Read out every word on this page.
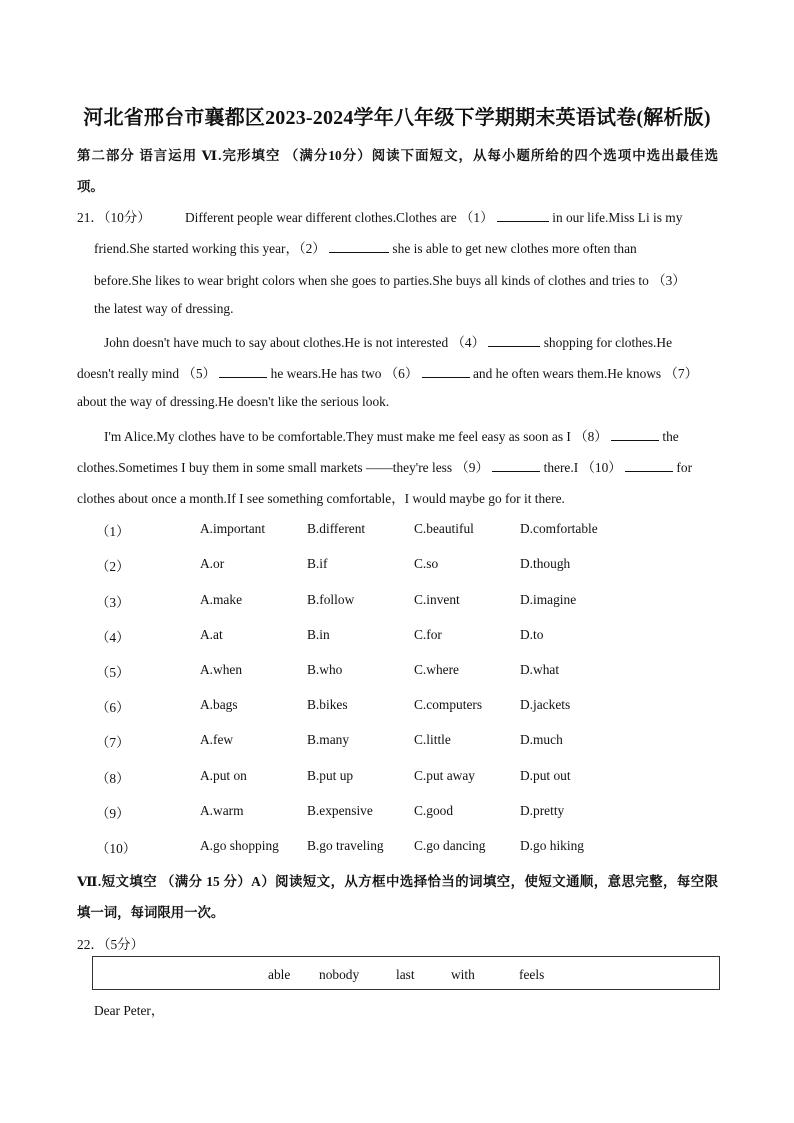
河北省邢台市襄都区2023-2024学年八年级下学期期末英语试卷(解析版)
第二部分 语言运用 Ⅵ.完形填空 （满分10分）阅读下面短文，从每小题所给的四个选项中选出最佳选
项。
21．（10分）	Different people wear different clothes.Clothes are （1）	in our life.Miss Li is my
friend.She started working this year，（2）	she is able to get new clothes more often than
before.She likes to wear bright colors when she goes to parties.She buys all kinds of clothes and tries to （3）
the latest way of dressing.
John doesn't have much to say about clothes.He is not interested （4）	shopping for clothes.He
doesn't really mind （5）	he wears.He has two （6）	and he often wears them.He knows （7）
about the way of dressing.He doesn't like the serious look.
I'm Alice.My clothes have to be comfortable.They must make me feel easy as soon as I （8）	the
clothes.Sometimes I buy them in some small markets ——they're less （9）	there.I （10）	for
clothes about once a month.If I see something comfortable，I would maybe go for it there.
（1）	A.important	B.different	C.beautiful	D.comfortable
（2）	A.or	B.if	C.so	D.though
（3）	A.make	B.follow	C.invent	D.imagine
（4）	A.at	B.in	C.for	D.to
（5）	A.when	B.who	C.where	D.what
（6）	A.bags	B.bikes	C.computers	D.jackets
（7）	A.few	B.many	C.little	D.much
（8）	A.put on	B.put up	C.put away	D.put out
（9）	A.warm	B.expensive	C.good	D.pretty
（10）	A.go shopping B.go traveling C.go dancing	D.go hiking
Ⅶ.短文填空 （满分 15 分）A）阅读短文，从方框中选择恰当的词填空，使短文通顺，意思完整，每空限
填一词，每词限用一次。
22．（5分）
able nobody	last	with	feels
Dear Peter，
